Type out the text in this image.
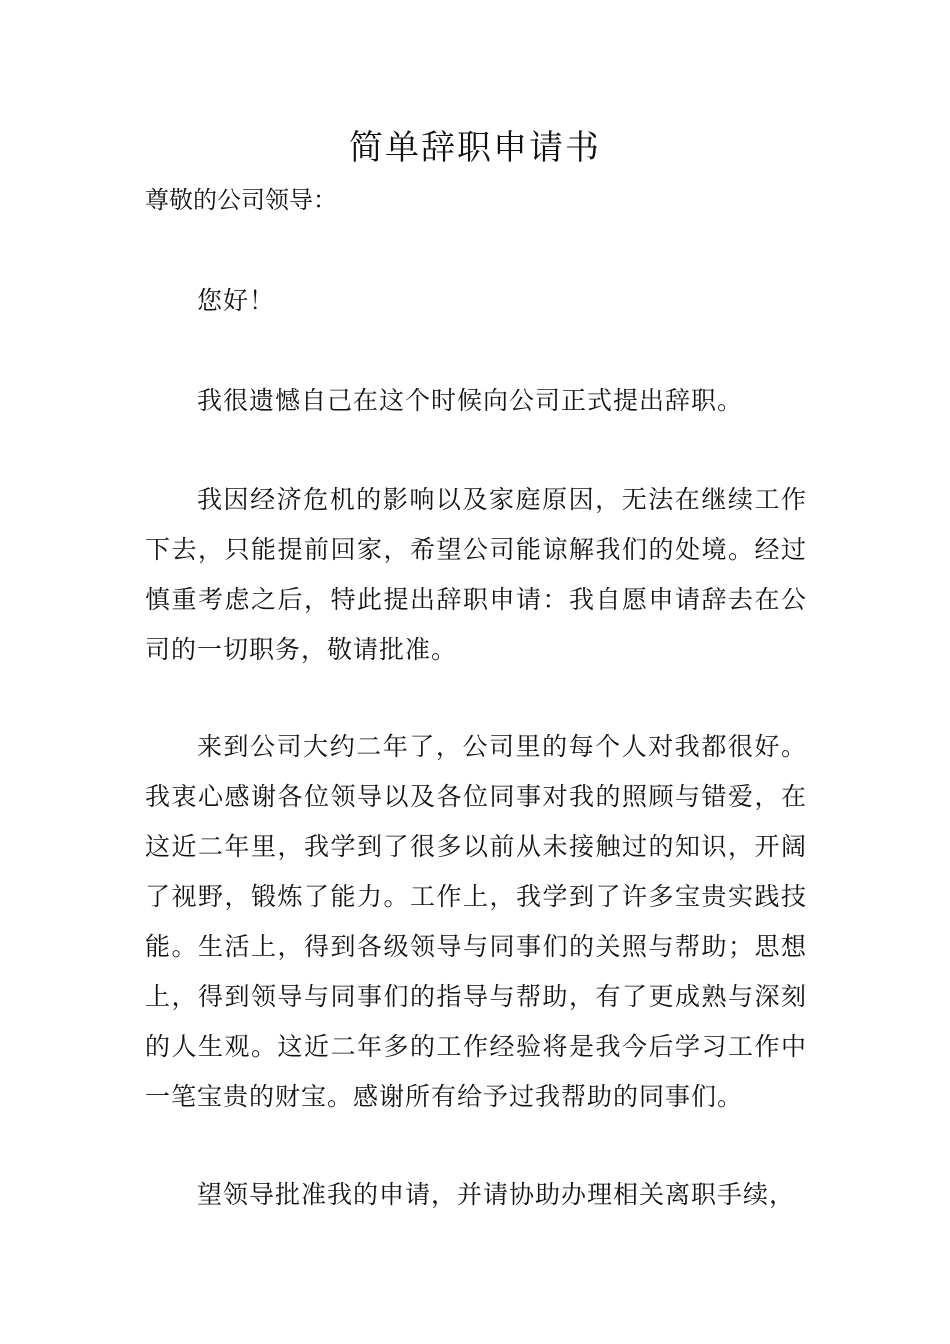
简单辞职申请书

尊敬的公司领导：

您好！

我很遗憾自己在这个时候向公司正式提出辞职。

我因经济危机的影响以及家庭原因，无法在继续工作下去，只能提前回家，希望公司能谅解我们的处境。经过慎重考虑之后，特此提出辞职申请：我自愿申请辞去在公司的一切职务，敬请批准。

来到公司大约二年了，公司里的每个人对我都很好。我衷心感谢各位领导以及各位同事对我的照顾与错爱，在这近二年里，我学到了很多以前从未接触过的知识，开阔了视野，锻炼了能力。工作上，我学到了许多宝贵实践技能。生活上，得到各级领导与同事们的关照与帮助；思想上，得到领导与同事们的指导与帮助，有了更成熟与深刻的人生观。这近二年多的工作经验将是我今后学习工作中一笔宝贵的财宝。感谢所有给予过我帮助的同事们。

望领导批准我的申请，并请协助办理相关离职手续，
